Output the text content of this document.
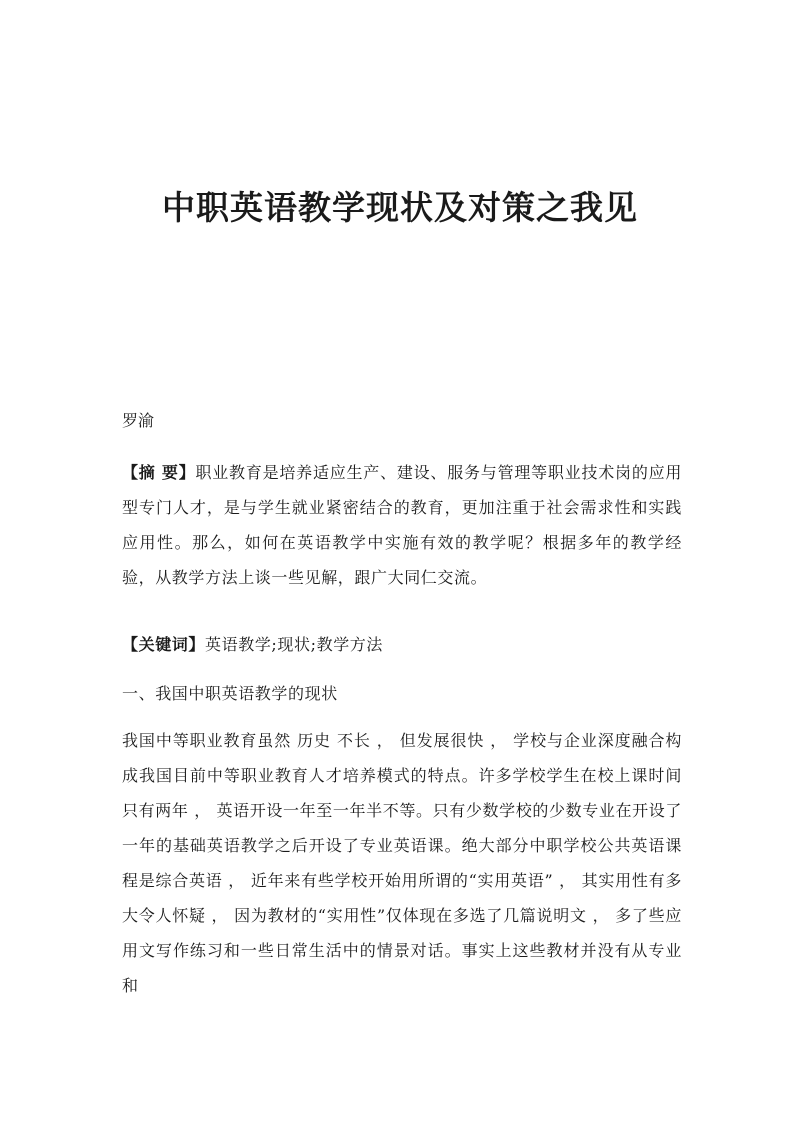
中职英语教学现状及对策之我见

罗渝

【摘 要】职业教育是培养适应生产、建设、服务与管理等职业技术岗的应用型专门人才，是与学生就业紧密结合的教育，更加注重于社会需求性和实践应用性。那么，如何在英语教学中实施有效的教学呢？根据多年的教学经验，从教学方法上谈一些见解，跟广大同仁交流。

【关键词】英语教学;现状;教学方法

一、我国中职英语教学的现状

我国中等职业教育虽然 历史 不长 ， 但发展很快 ， 学校与企业深度融合构成我国目前中等职业教育人才培养模式的特点。许多学校学生在校上课时间只有两年 ， 英语开设一年至一年半不等。只有少数学校的少数专业在开设了一年的基础英语教学之后开设了专业英语课。绝大部分中职学校公共英语课程是综合英语 ， 近年来有些学校开始用所谓的“实用英语” ， 其实用性有多大令人怀疑 ， 因为教材的“实用性”仅体现在多选了几篇说明文 ， 多了些应用文写作练习和一些日常生活中的情景对话。事实上这些教材并没有从专业和
